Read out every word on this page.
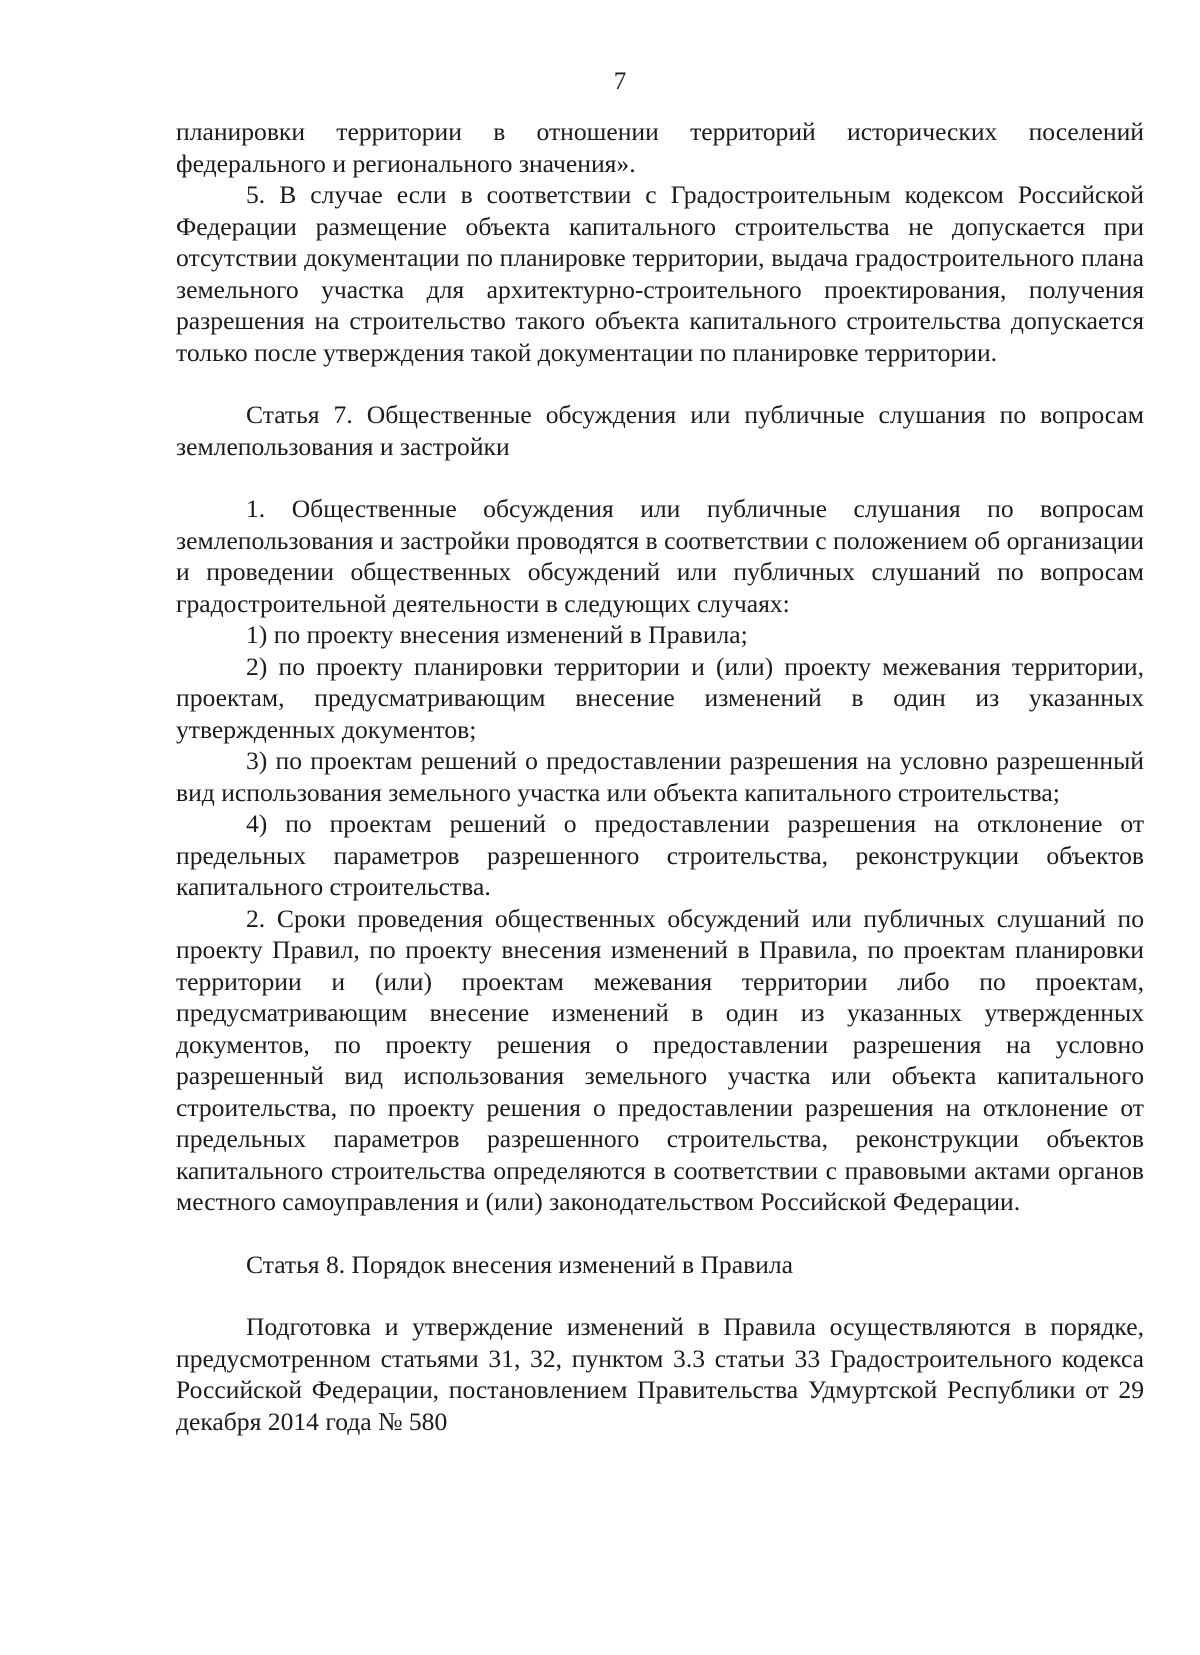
7

планировки территории в отношении территорий исторических поселений федерального и регионального значения».

5. В случае если в соответствии с Градостроительным кодексом Российской Федерации размещение объекта капитального строительства не допускается при отсутствии документации по планировке территории, выдача градостроительного плана земельного участка для архитектурно-строительного проектирования, получения разрешения на строительство такого объекта капитального строительства допускается только после утверждения такой документации по планировке территории.

Статья 7. Общественные обсуждения или публичные слушания по вопросам землепользования и застройки

1. Общественные обсуждения или публичные слушания по вопросам землепользования и застройки проводятся в соответствии с положением об организации и проведении общественных обсуждений или публичных слушаний по вопросам градостроительной деятельности в следующих случаях:

1) по проекту внесения изменений в Правила;

2) по проекту планировки территории и (или) проекту межевания территории, проектам, предусматривающим внесение изменений в один из указанных утвержденных документов;

3) по проектам решений о предоставлении разрешения на условно разрешенный вид использования земельного участка или объекта капитального строительства;

4) по проектам решений о предоставлении разрешения на отклонение от предельных параметров разрешенного строительства, реконструкции объектов капитального строительства.

2. Сроки проведения общественных обсуждений или публичных слушаний по проекту Правил, по проекту внесения изменений в Правила, по проектам планировки территории и (или) проектам межевания территории либо по проектам, предусматривающим внесение изменений в один из указанных утвержденных документов, по проекту решения о предоставлении разрешения на условно разрешенный вид использования земельного участка или объекта капитального строительства, по проекту решения о предоставлении разрешения на отклонение от предельных параметров разрешенного строительства, реконструкции объектов капитального строительства определяются в соответствии с правовыми актами органов местного самоуправления и (или) законодательством Российской Федерации.

Статья 8. Порядок внесения изменений в Правила

Подготовка и утверждение изменений в Правила осуществляются в порядке, предусмотренном статьями 31, 32, пунктом 3.3 статьи 33 Градостроительного кодекса Российской Федерации, постановлением Правительства Удмуртской Республики от 29 декабря 2014 года № 580
